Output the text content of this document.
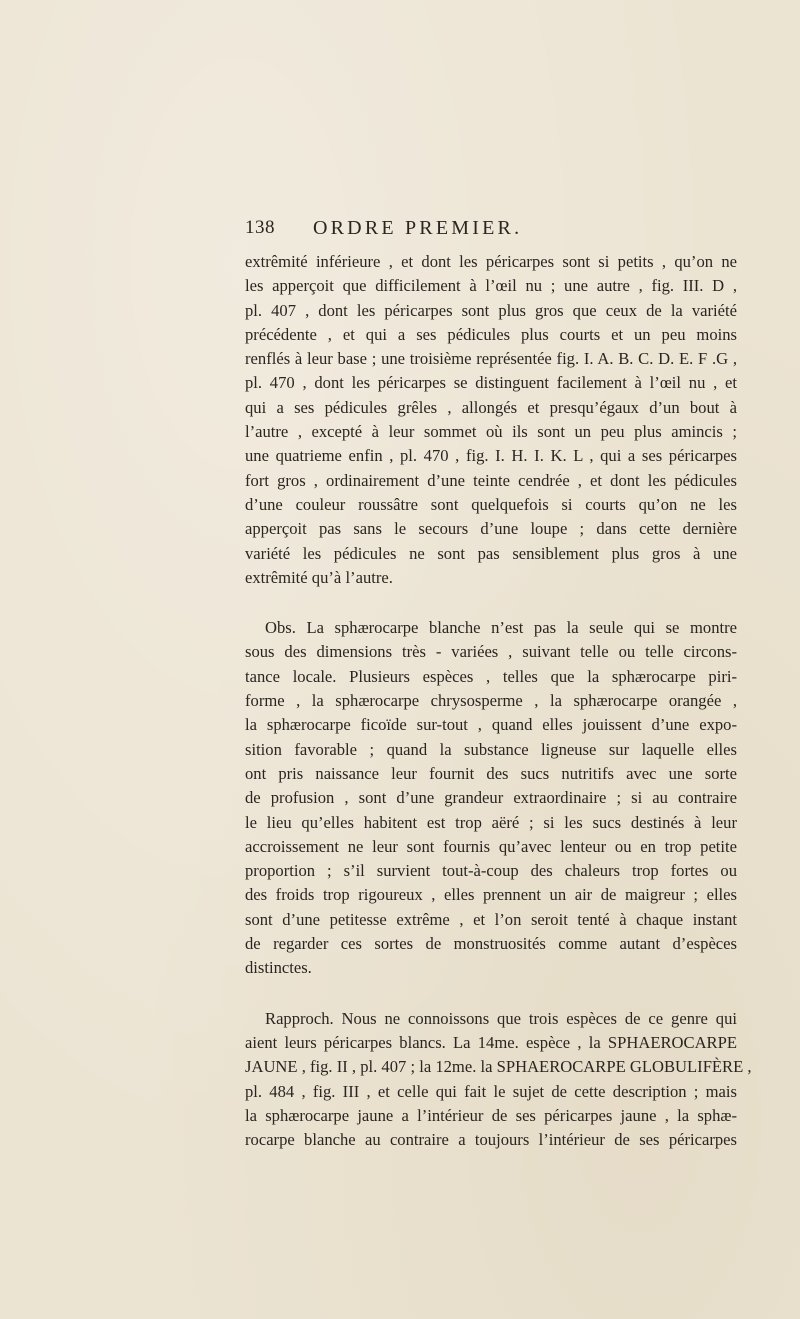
138 ORDRE PREMIER.

extrêmité inférieure , et dont les péricarpes sont si petits , qu’on ne
les apperçoit que difficilement à l’œil nu ; une autre , fig. III. D ,
pl. 407 , dont les péricarpes sont plus gros que ceux de la variété
précédente , et qui a ses pédicules plus courts et un peu moins
renflés à leur base ; une troisième représentée fig. I. A. B. C. D. E. F .G ,
pl. 470 , dont les péricarpes se distinguent facilement à l’œil nu , et
qui a ses pédicules grêles , allongés et presqu’égaux d’un bout à
l’autre , excepté à leur sommet où ils sont un peu plus amincis ;
une quatrieme enfin , pl. 470 , fig. I. H. I. K. L , qui a ses péricarpes
fort gros , ordinairement d’une teinte cendrée , et dont les pédicules
d’une couleur roussâtre sont quelquefois si courts qu’on ne les
apperçoit pas sans le secours d’une loupe ; dans cette dernière
variété les pédicules ne sont pas sensiblement plus gros à une
extrêmité qu’à l’autre.

Obs. La sphærocarpe blanche n’est pas la seule qui se montre
sous des dimensions très - variées , suivant telle ou telle circons-
tance locale. Plusieurs espèces , telles que la sphærocarpe piri-
forme , la sphærocarpe chrysosperme , la sphærocarpe orangée ,
la sphærocarpe ficoïde sur-tout , quand elles jouissent d’une expo-
sition favorable ; quand la substance ligneuse sur laquelle elles
ont pris naissance leur fournit des sucs nutritifs avec une sorte
de profusion , sont d’une grandeur extraordinaire ; si au contraire
le lieu qu’elles habitent est trop aëré ; si les sucs destinés à leur
accroissement ne leur sont fournis qu’avec lenteur ou en trop petite
proportion ; s’il survient tout-à-coup des chaleurs trop fortes ou
des froids trop rigoureux , elles prennent un air de maigreur ; elles
sont d’une petitesse extrême , et l’on seroit tenté à chaque instant
de regarder ces sortes de monstruosités comme autant d’espèces
distinctes.

Rapproch. Nous ne connoissons que trois espèces de ce genre qui
aient leurs péricarpes blancs. La 14me. espèce , la SPHAEROCARPE
JAUNE , fig. II , pl. 407 ; la 12me. la SPHAEROCARPE GLOBULIFÈRE ,
pl. 484 , fig. III , et celle qui fait le sujet de cette description ; mais
la sphærocarpe jaune a l’intérieur de ses péricarpes jaune , la sphæ-
rocarpe blanche au contraire a toujours l’intérieur de ses péricarpes
